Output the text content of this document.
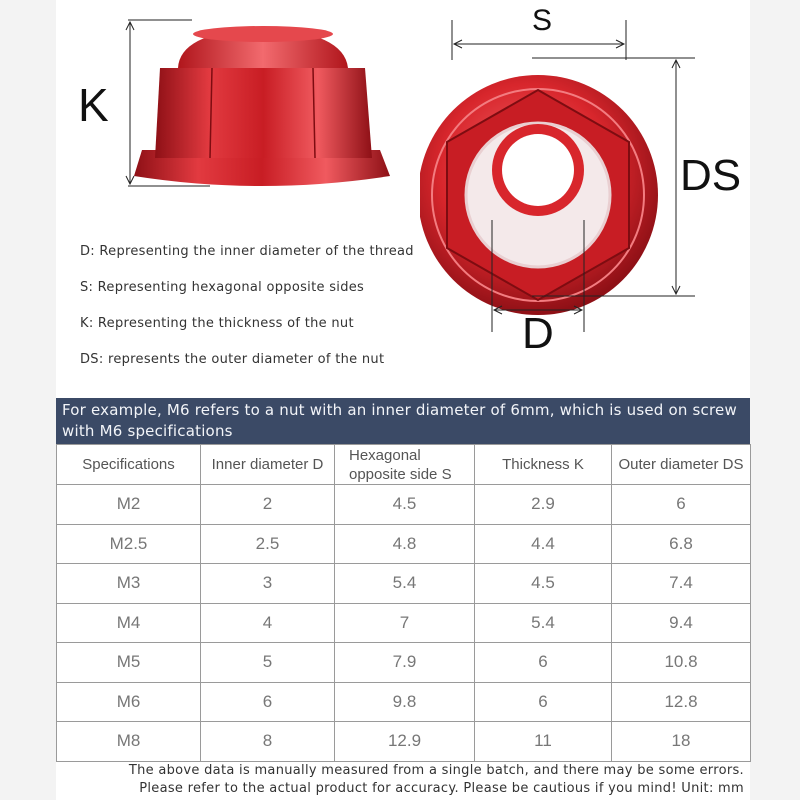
K
S
DS
D
D: Representing the inner diameter of the thread
S: Representing hexagonal opposite sides
K: Representing the thickness of the nut
DS: represents the outer diameter of the nut
For example, M6 refers to a nut with an inner diameter of 6mm, which is used on screw
with M6 specifications
Specifications	Inner diameter D	Hexagonal opposite side S	Thickness K	Outer diameter DS
M2	2	4.5	2.9	6
M2.5	2.5	4.8	4.4	6.8
M3	3	5.4	4.5	7.4
M4	4	7	5.4	9.4
M5	5	7.9	6	10.8
M6	6	9.8	6	12.8
M8	8	12.9	11	18
The above data is manually measured from a single batch, and there may be some errors.
Please refer to the actual product for accuracy. Please be cautious if you mind! Unit: mm
